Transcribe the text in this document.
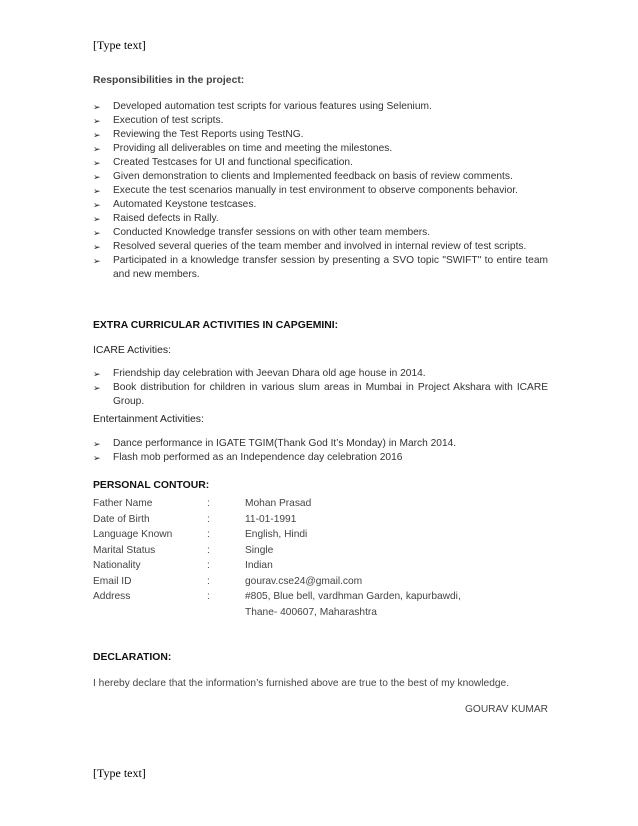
[Type text]
Responsibilities in the project:
➢ Developed automation test scripts for various features using Selenium.
➢ Execution of test scripts.
➢ Reviewing the Test Reports using TestNG.
➢ Providing all deliverables on time and meeting the milestones.
➢ Created Testcases for UI and functional specification.
➢ Given demonstration to clients and Implemented feedback on basis of review comments.
➢ Execute the test scenarios manually in test environment to observe components behavior.
➢ Automated Keystone testcases.
➢ Raised defects in Rally.
➢ Conducted Knowledge transfer sessions on with other team members.
➢ Resolved several queries of the team member and involved in internal review of test scripts.
➢ Participated in a knowledge transfer session by presenting a SVO topic "SWIFT" to entire team and new members.
EXTRA CURRICULAR ACTIVITIES IN CAPGEMINI:
ICARE Activities:
➢ Friendship day celebration with Jeevan Dhara old age house in 2014.
➢ Book distribution for children in various slum areas in Mumbai in Project Akshara with ICARE Group.
Entertainment Activities:
➢ Dance performance in IGATE TGIM(Thank God It’s Monday) in March 2014.
➢ Flash mob performed as an Independence day celebration 2016
PERSONAL CONTOUR:
Father Name	:	Mohan Prasad
Date of Birth	:	11-01-1991
Language Known	:	English, Hindi
Marital Status	:	Single
Nationality	:	Indian
Email ID	:	gourav.cse24@gmail.com
Address	:	#805, Blue bell, vardhman Garden, kapurbawdi,
		Thane- 400607, Maharashtra
DECLARATION:
I hereby declare that the information’s furnished above are true to the best of my knowledge.
GOURAV KUMAR
[Type text]
